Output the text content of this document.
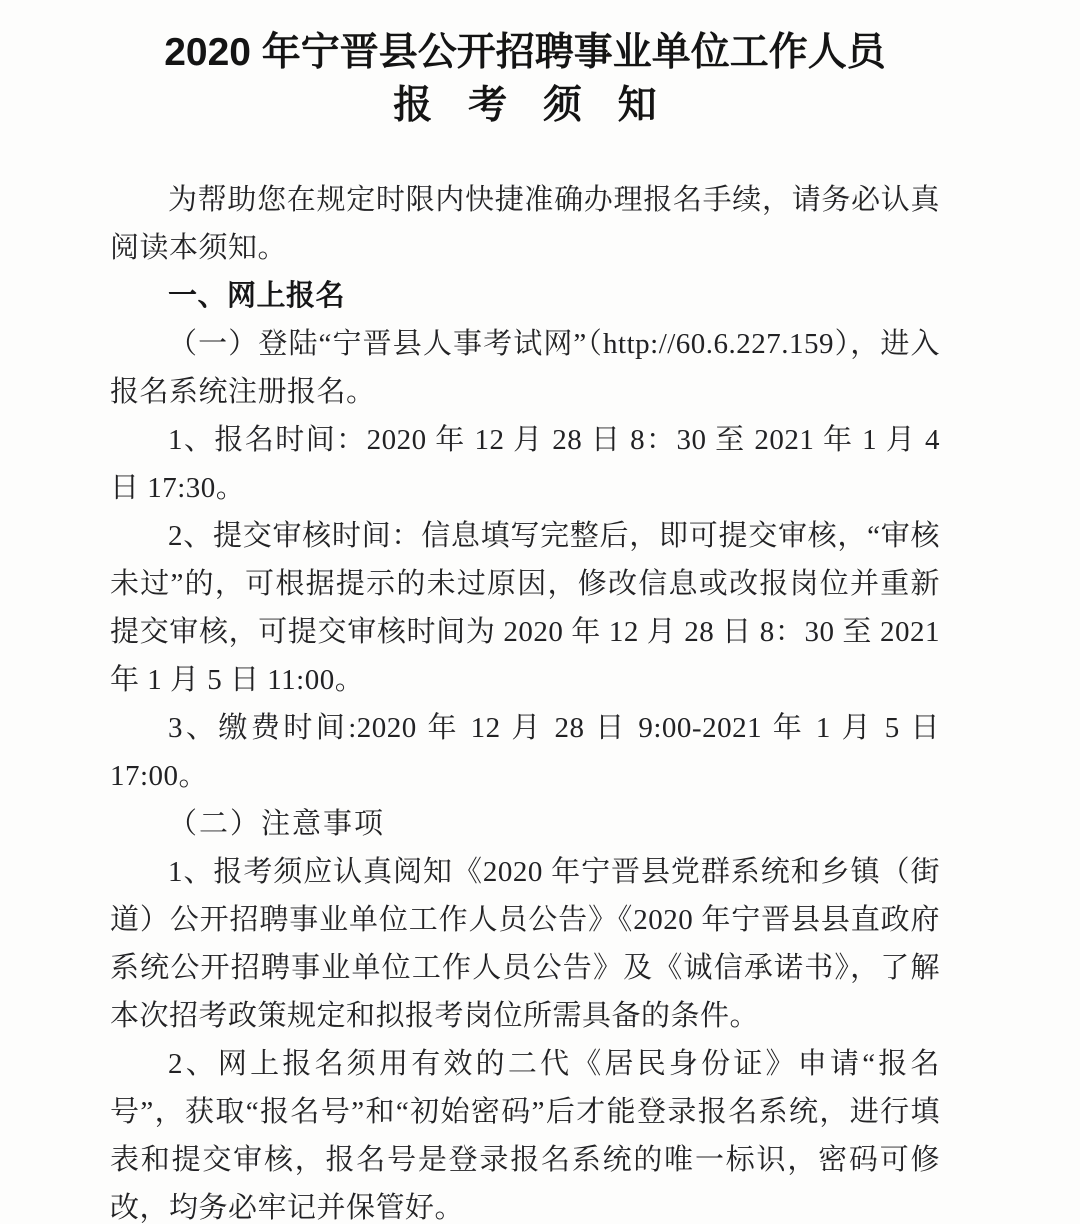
2020 年宁晋县公开招聘事业单位工作人员
报 考 须 知

为帮助您在规定时限内快捷准确办理报名手续，请务必认真阅读本须知。

一、网上报名

（一）登陆“宁晋县人事考试网”（http://60.6.227.159），进入报名系统注册报名。

1、报名时间：2020 年 12 月 28 日 8：30 至 2021 年 1 月 4 日 17:30。

2、提交审核时间：信息填写完整后，即可提交审核，“审核未过”的，可根据提示的未过原因，修改信息或改报岗位并重新提交审核，可提交审核时间为 2020 年 12 月 28 日 8：30 至 2021 年 1 月 5 日 11:00。

3、缴费时间:2020 年 12 月 28 日 9:00-2021 年 1 月 5 日 17:00。

（二）注意事项

1、报考须应认真阅知《2020 年宁晋县党群系统和乡镇（街道）公开招聘事业单位工作人员公告》《2020 年宁晋县县直政府系统公开招聘事业单位工作人员公告》及《诚信承诺书》，了解本次招考政策规定和拟报考岗位所需具备的条件。

2、网上报名须用有效的二代《居民身份证》申请“报名号”，获取“报名号”和“初始密码”后才能登录报名系统，进行填表和提交审核，报名号是登录报名系统的唯一标识，密码可修改，均务必牢记并保管好。
